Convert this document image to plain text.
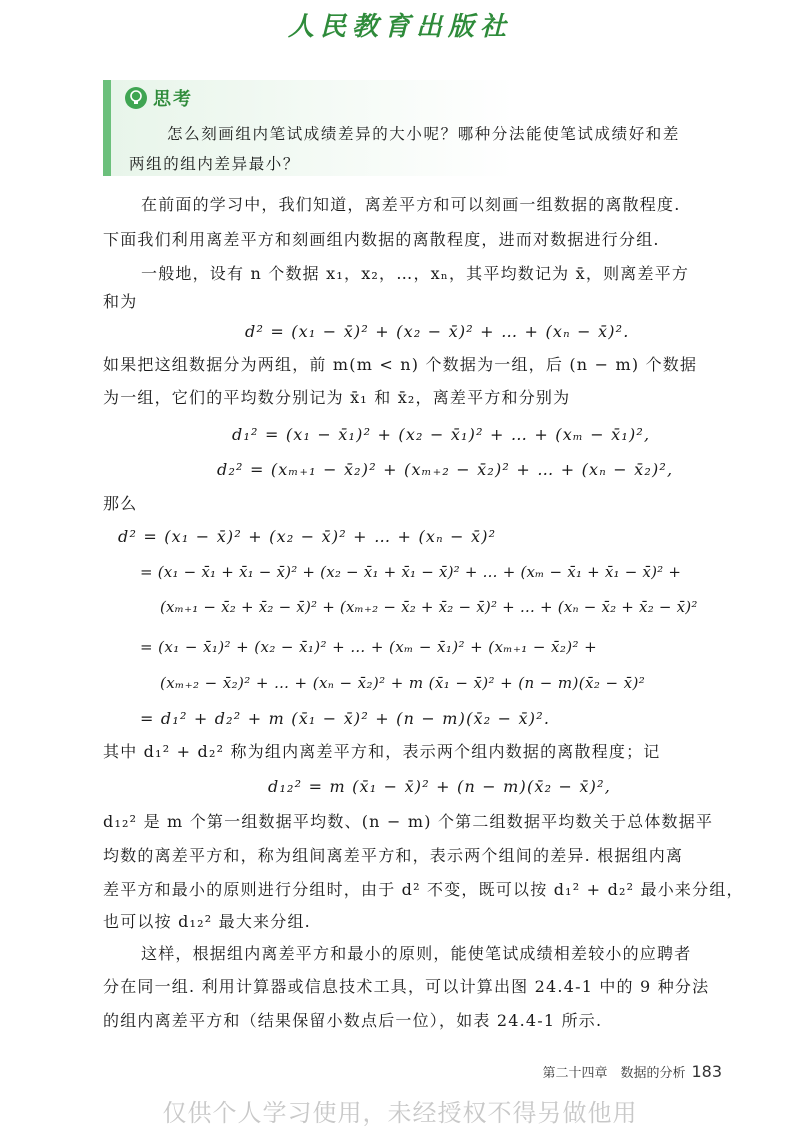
人民教育出版社
思考
怎么刻画组内笔试成绩差异的大小呢？哪种分法能使笔试成绩好和差
两组的组内差异最小？
在前面的学习中，我们知道，离差平方和可以刻画一组数据的离散程度.
下面我们利用离差平方和刻画组内数据的离散程度，进而对数据进行分组.
一般地，设有 n 个数据 x₁，x₂，…，xₙ，其平均数记为 x̄，则离差平方
和为
d² = (x₁ − x̄)² + (x₂ − x̄)² + … + (xₙ − x̄)².
如果把这组数据分为两组，前 m(m < n) 个数据为一组，后 (n − m) 个数据
为一组，它们的平均数分别记为 x̄₁ 和 x̄₂，离差平方和分别为
d₁² = (x₁ − x̄₁)² + (x₂ − x̄₁)² + … + (xₘ − x̄₁)²,
d₂² = (xₘ₊₁ − x̄₂)² + (xₘ₊₂ − x̄₂)² + … + (xₙ − x̄₂)²,
那么
d² = (x₁ − x̄)² + (x₂ − x̄)² + … + (xₙ − x̄)²
= (x₁ − x̄₁ + x̄₁ − x̄)² + (x₂ − x̄₁ + x̄₁ − x̄)² + … + (xₘ − x̄₁ + x̄₁ − x̄)² +
(xₘ₊₁ − x̄₂ + x̄₂ − x̄)² + (xₘ₊₂ − x̄₂ + x̄₂ − x̄)² + … + (xₙ − x̄₂ + x̄₂ − x̄)²
= (x₁ − x̄₁)² + (x₂ − x̄₁)² + … + (xₘ − x̄₁)² + (xₘ₊₁ − x̄₂)² +
(xₘ₊₂ − x̄₂)² + … + (xₙ − x̄₂)² + m (x̄₁ − x̄)² + (n − m)(x̄₂ − x̄)²
= d₁² + d₂² + m (x̄₁ − x̄)² + (n − m)(x̄₂ − x̄)².
其中 d₁² + d₂² 称为组内离差平方和，表示两个组内数据的离散程度；记
d₁₂² = m (x̄₁ − x̄)² + (n − m)(x̄₂ − x̄)²,
d₁₂² 是 m 个第一组数据平均数、(n − m) 个第二组数据平均数关于总体数据平
均数的离差平方和，称为组间离差平方和，表示两个组间的差异. 根据组内离
差平方和最小的原则进行分组时，由于 d² 不变，既可以按 d₁² + d₂² 最小来分组，
也可以按 d₁₂² 最大来分组.
这样，根据组内离差平方和最小的原则，能使笔试成绩相差较小的应聘者
分在同一组. 利用计算器或信息技术工具，可以计算出图 24.4-1 中的 9 种分法
的组内离差平方和（结果保留小数点后一位），如表 24.4-1 所示.
第二十四章　数据的分析 183
仅供个人学习使用，未经授权不得另做他用
